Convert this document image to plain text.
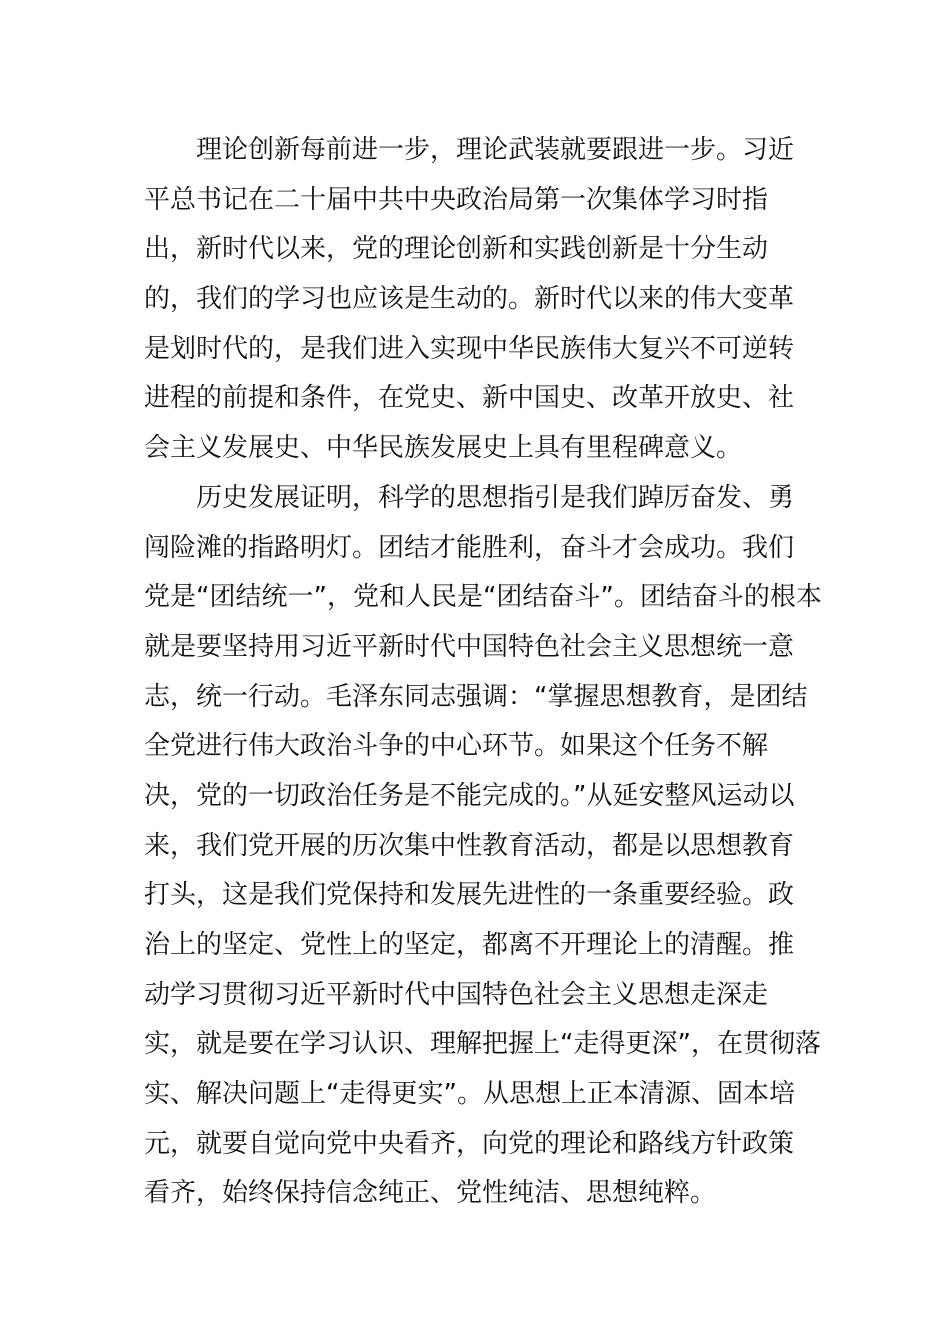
理论创新每前进一步，理论武装就要跟进一步。习近
平总书记在二十届中共中央政治局第一次集体学习时指
出，新时代以来，党的理论创新和实践创新是十分生动
的，我们的学习也应该是生动的。新时代以来的伟大变革
是划时代的，是我们进入实现中华民族伟大复兴不可逆转
进程的前提和条件，在党史、新中国史、改革开放史、社
会主义发展史、中华民族发展史上具有里程碑意义。
历史发展证明，科学的思想指引是我们踔厉奋发、勇
闯险滩的指路明灯。团结才能胜利，奋斗才会成功。我们
党是“团结统一”，党和人民是“团结奋斗”。团结奋斗的根本
就是要坚持用习近平新时代中国特色社会主义思想统一意
志，统一行动。毛泽东同志强调：“掌握思想教育，是团结
全党进行伟大政治斗争的中心环节。如果这个任务不解
决，党的一切政治任务是不能完成的。”从延安整风运动以
来，我们党开展的历次集中性教育活动，都是以思想教育
打头，这是我们党保持和发展先进性的一条重要经验。政
治上的坚定、党性上的坚定，都离不开理论上的清醒。推
动学习贯彻习近平新时代中国特色社会主义思想走深走
实，就是要在学习认识、理解把握上“走得更深”，在贯彻落
实、解决问题上“走得更实”。从思想上正本清源、固本培
元，就要自觉向党中央看齐，向党的理论和路线方针政策
看齐，始终保持信念纯正、党性纯洁、思想纯粹。
